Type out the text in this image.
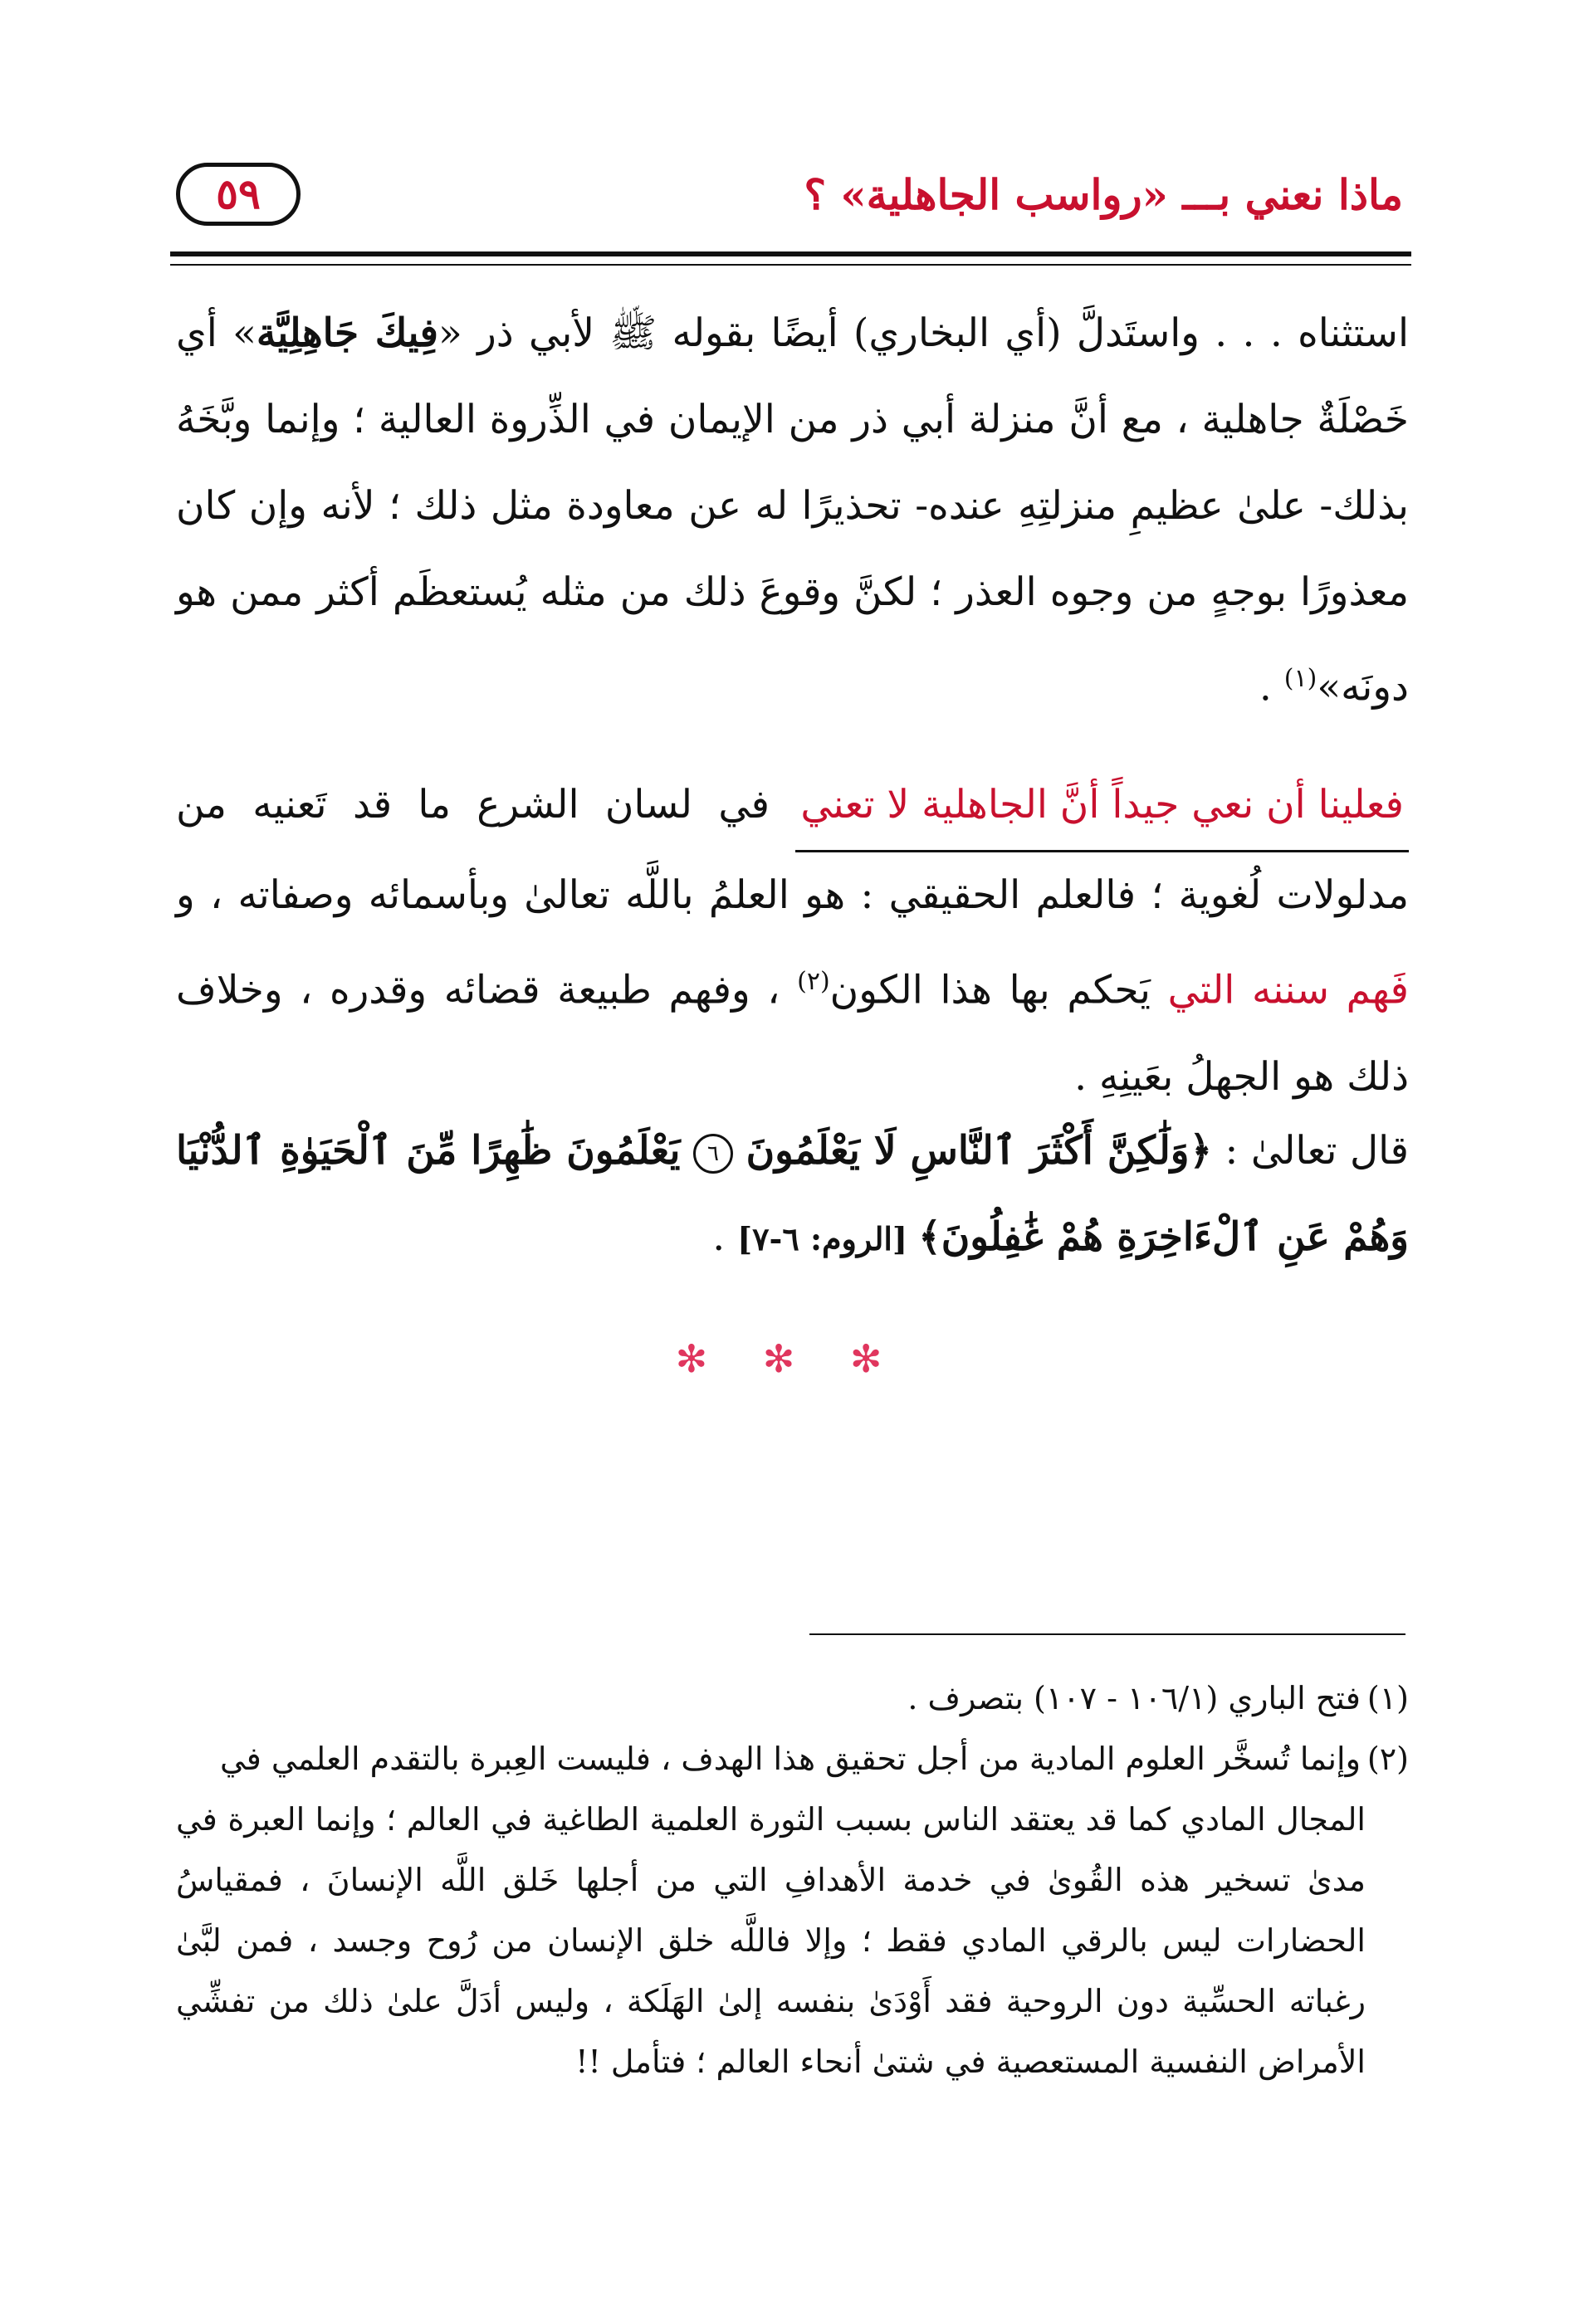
ماذا نعني بـــ «رواسب الجاهلية» ؟
٥٩
استثناه . . . واستَدلَّ (أي البخاري) أيضًا بقوله ﷺ لأبي ذر «فِيكَ جَاهِلِيَّة» أي خَصْلَةٌ جاهلية ، مع أنَّ منزلة أبي ذر من الإيمان في الذِّروة العالية ؛ وإنما وبَّخَهُ بذلك- علىٰ عظيمِ منزلتِهِ عنده- تحذيرًا له عن معاودة مثل ذلك ؛ لأنه وإن كان معذورًا بوجهٍ من وجوه العذر ؛ لكنَّ وقوعَ ذلك من مثله يُستعظَم أكثر ممن هو دونَه»$^{(١)}$ .
فعلينا أن نعي جيداً أنَّ الجاهلية لا تعني في لسان الشرع ما قد تَعنيه من مدلولات لُغوية ؛ فالعلم الحقيقي : هو العلمُ باللَّه تعالىٰ وبأسمائه وصفاته ، و فَهم سننه التي يَحكم بها هذا الكون$^{(٢)}$ ، وفهم طبيعة قضائه وقدره ، وخلاف ذلك هو الجهلُ بعَينِهِ .
قال تعالىٰ : ﴿وَلَٰكِنَّ أَكْثَرَ ٱلنَّاسِ لَا يَعْلَمُونَ ٦ يَعْلَمُونَ ظَٰهِرًا مِّنَ ٱلْحَيَوٰةِ ٱلدُّنْيَا وَهُمْ عَنِ ٱلْءَاخِرَةِ هُمْ غَٰفِلُونَ﴾ [الروم: ٦-٧] .
✻ ✻ ✻

(١)فتح الباري (١٠٦/١ - ١٠٧) بتصرف .

(٢)وإنما تُسخَّر العلوم المادية من أجل تحقيق هذا الهدف ، فليست العِبرة بالتقدم العلمي في

المجال المادي كما قد يعتقد الناس بسبب الثورة العلمية الطاغية في العالم ؛ وإنما العبرة في مدىٰ تسخير هذه القُوىٰ في خدمة الأهدافِ التي من أجلها خَلق اللَّه الإنسانَ ، فمقياسُ الحضارات ليس بالرقي المادي فقط ؛ وإلا فاللَّه خلق الإنسان من رُوح وجسد ، فمن لبَّىٰ رغباته الحسِّية دون الروحية فقد أَوْدَىٰ بنفسه إلىٰ الهَلَكة ، وليس أدَلَّ علىٰ ذلك من تفشِّي الأمراض النفسية المستعصية في شتىٰ أنحاء العالم ؛ فتأمل !!
